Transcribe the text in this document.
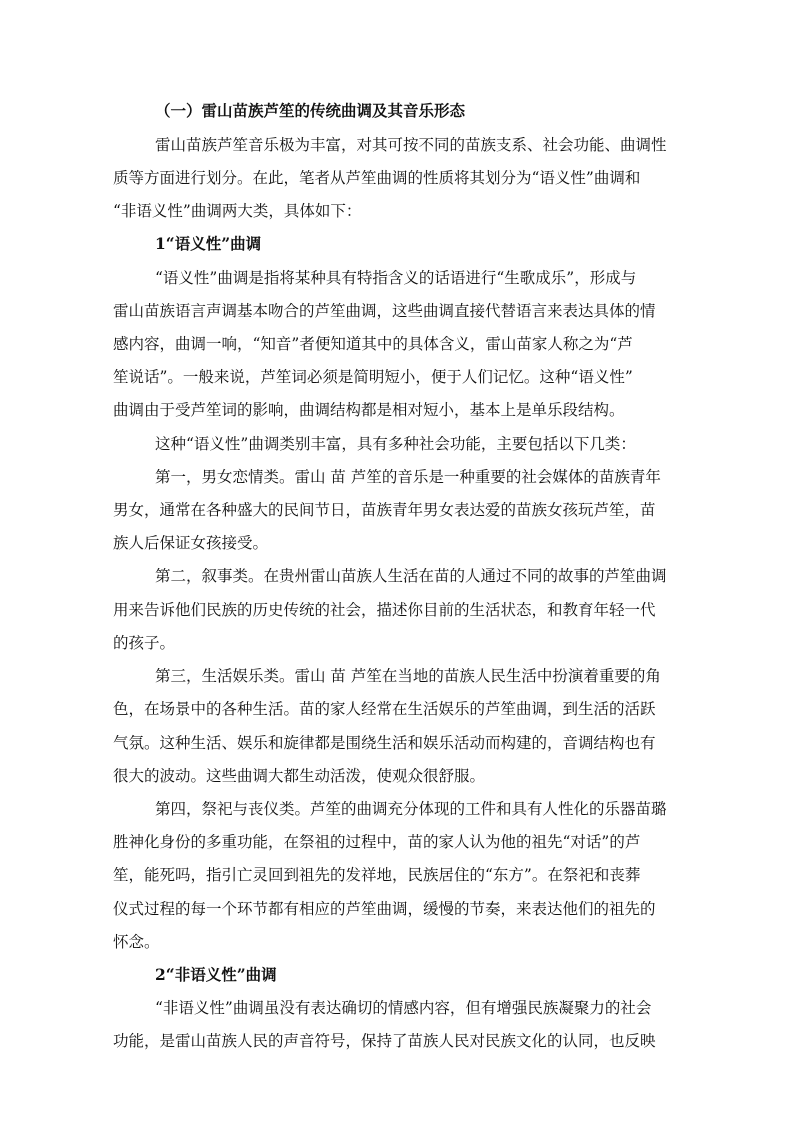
（一）雷山苗族芦笙的传统曲调及其音乐形态
雷山苗族芦笙音乐极为丰富，对其可按不同的苗族支系、社会功能、曲调性
质等方面进行划分。在此，笔者从芦笙曲调的性质将其划分为“语义性”曲调和
“非语义性”曲调两大类，具体如下：
1“语义性”曲调
“语义性”曲调是指将某种具有特指含义的话语进行“生歌成乐”，形成与
雷山苗族语言声调基本吻合的芦笙曲调，这些曲调直接代替语言来表达具体的情
感内容，曲调一响，“知音”者便知道其中的具体含义，雷山苗家人称之为“芦
笙说话”。一般来说，芦笙词必须是简明短小，便于人们记忆。这种“语义性”
曲调由于受芦笙词的影响，曲调结构都是相对短小，基本上是单乐段结构。
这种“语义性”曲调类别丰富，具有多种社会功能，主要包括以下几类：
第一，男女恋情类。雷山 苗 芦笙的音乐是一种重要的社会媒体的苗族青年
男女，通常在各种盛大的民间节日，苗族青年男女表达爱的苗族女孩玩芦笙，苗
族人后保证女孩接受。
第二，叙事类。在贵州雷山苗族人生活在苗的人通过不同的故事的芦笙曲调
用来告诉他们民族的历史传统的社会，描述你目前的生活状态，和教育年轻一代
的孩子。
第三，生活娱乐类。雷山 苗 芦笙在当地的苗族人民生活中扮演着重要的角
色，在场景中的各种生活。苗的家人经常在生活娱乐的芦笙曲调，到生活的活跃
气氛。这种生活、娱乐和旋律都是围绕生活和娱乐活动而构建的，音调结构也有
很大的波动。这些曲调大都生动活泼，使观众很舒服。
第四，祭祀与丧仪类。芦笙的曲调充分体现的工件和具有人性化的乐器苗璐
胜神化身份的多重功能，在祭祖的过程中，苗的家人认为他的祖先“对话”的芦
笙，能死吗，指引亡灵回到祖先的发祥地，民族居住的“东方”。在祭祀和丧葬
仪式过程的每一个环节都有相应的芦笙曲调，缓慢的节奏，来表达他们的祖先的
怀念。
2“非语义性”曲调
“非语义性”曲调虽没有表达确切的情感内容，但有增强民族凝聚力的社会
功能，是雷山苗族人民的声音符号，保持了苗族人民对民族文化的认同，也反映
